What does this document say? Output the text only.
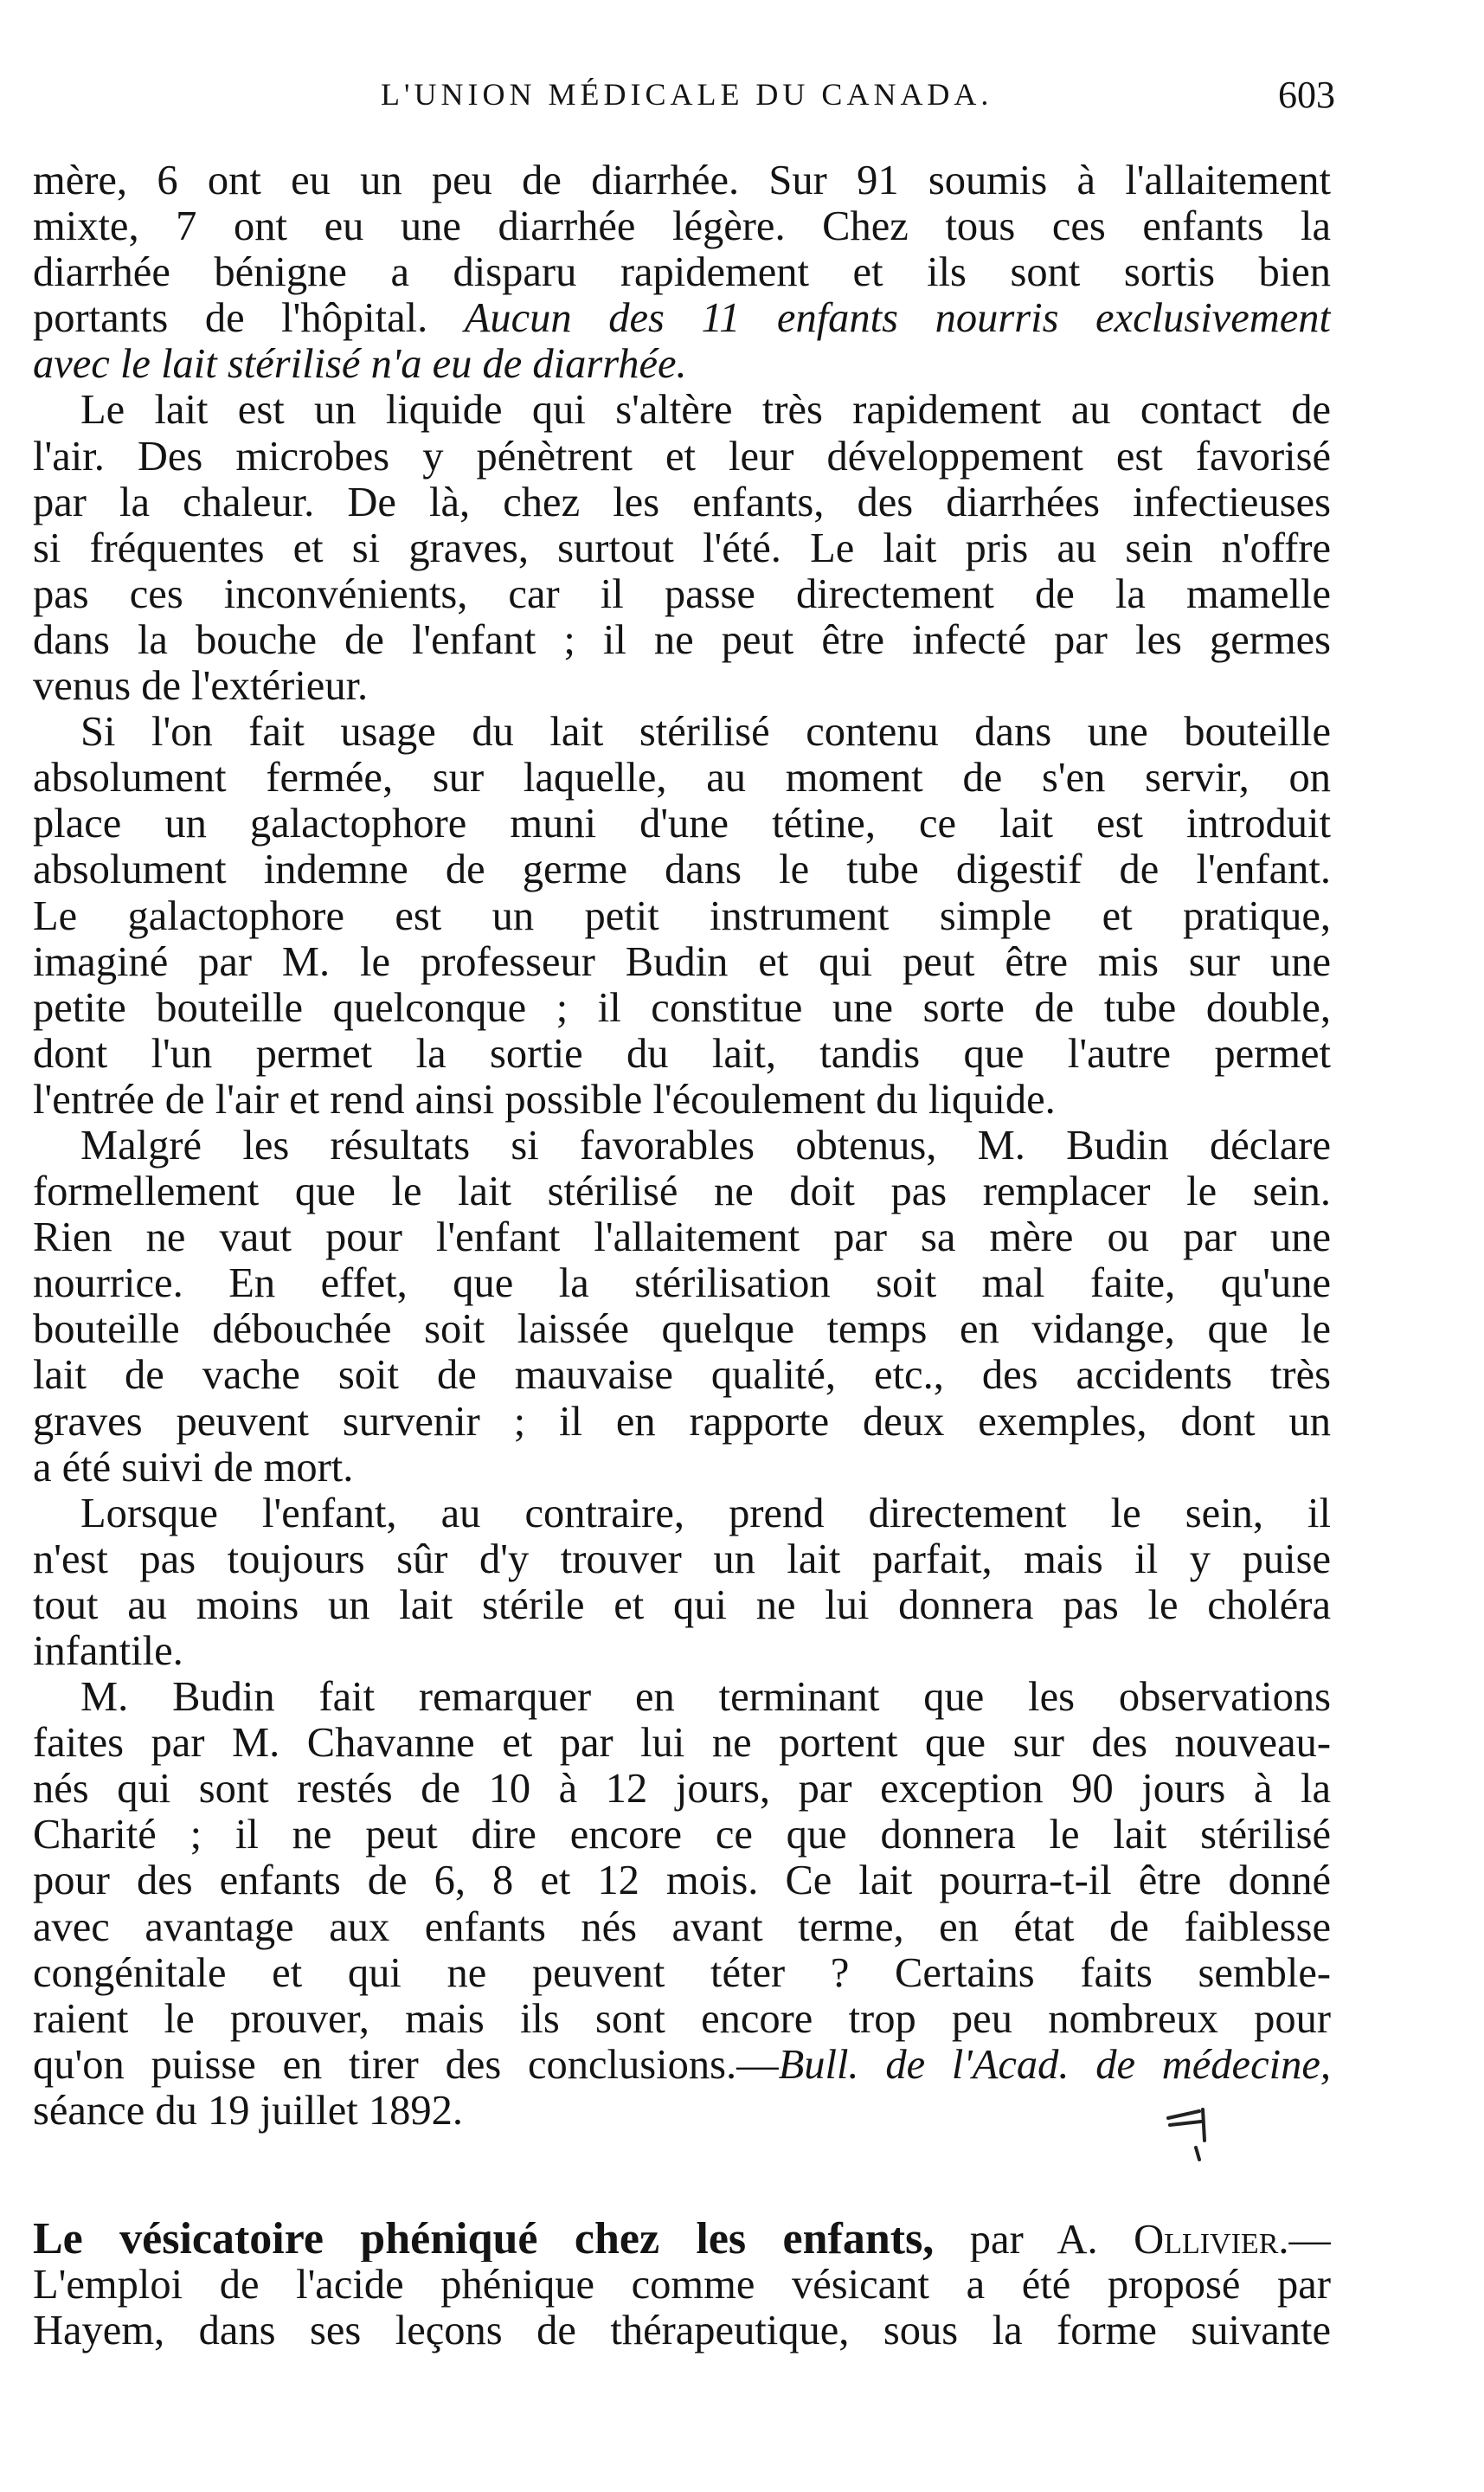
L'UNION MÉDICALE DU CANADA.	603
mère, 6 ont eu un peu de diarrhée. Sur 91 soumis à l'allaitement
mixte, 7 ont eu une diarrhée légère. Chez tous ces enfants la
diarrhée bénigne a disparu rapidement et ils sont sortis bien
portants de l'hôpital. Aucun des 11 enfants nourris exclusivement
avec le lait stérilisé n'a eu de diarrhée.
Le lait est un liquide qui s'altère très rapidement au contact de
l'air. Des microbes y pénètrent et leur développement est favorisé
par la chaleur. De là, chez les enfants, des diarrhées infectieuses
si fréquentes et si graves, surtout l'été. Le lait pris au sein n'offre
pas ces inconvénients, car il passe directement de la mamelle
dans la bouche de l'enfant ; il ne peut être infecté par les germes
venus de l'extérieur.
Si l'on fait usage du lait stérilisé contenu dans une bouteille
absolument fermée, sur laquelle, au moment de s'en servir, on
place un galactophore muni d'une tétine, ce lait est introduit
absolument indemne de germe dans le tube digestif de l'enfant.
Le galactophore est un petit instrument simple et pratique,
imaginé par M. le professeur Budin et qui peut être mis sur une
petite bouteille quelconque ; il constitue une sorte de tube double,
dont l'un permet la sortie du lait, tandis que l'autre permet
l'entrée de l'air et rend ainsi possible l'écoulement du liquide.
Malgré les résultats si favorables obtenus, M. Budin déclare
formellement que le lait stérilisé ne doit pas remplacer le sein.
Rien ne vaut pour l'enfant l'allaitement par sa mère ou par une
nourrice. En effet, que la stérilisation soit mal faite, qu'une
bouteille débouchée soit laissée quelque temps en vidange, que le
lait de vache soit de mauvaise qualité, etc., des accidents très
graves peuvent survenir ; il en rapporte deux exemples, dont un
a été suivi de mort.
Lorsque l'enfant, au contraire, prend directement le sein, il
n'est pas toujours sûr d'y trouver un lait parfait, mais il y puise
tout au moins un lait stérile et qui ne lui donnera pas le choléra
infantile.
M. Budin fait remarquer en terminant que les observations
faites par M. Chavanne et par lui ne portent que sur des nouveau-
nés qui sont restés de 10 à 12 jours, par exception 90 jours à la
Charité ; il ne peut dire encore ce que donnera le lait stérilisé
pour des enfants de 6, 8 et 12 mois. Ce lait pourra-t-il être donné
avec avantage aux enfants nés avant terme, en état de faiblesse
congénitale et qui ne peuvent téter ? Certains faits semble-
raient le prouver, mais ils sont encore trop peu nombreux pour
qu'on puisse en tirer des conclusions.—Bull. de l'Acad. de médecine,
séance du 19 juillet 1892.
Le vésicatoire phéniqué chez les enfants, par A. Ollivier.—
L'emploi de l'acide phénique comme vésicant a été proposé par
Hayem, dans ses leçons de thérapeutique, sous la forme suivante
